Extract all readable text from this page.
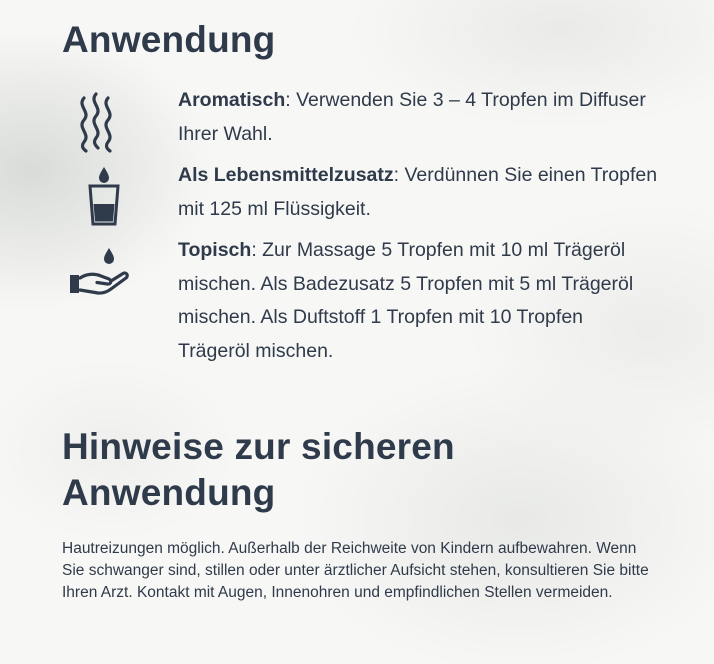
Anwendung
Aromatisch: Verwenden Sie 3 – 4 Tropfen im Diffuser Ihrer Wahl.
Als Lebensmittelzusatz: Verdünnen Sie einen Tropfen mit 125 ml Flüssigkeit.
Topisch: Zur Massage 5 Tropfen mit 10 ml Trägeröl mischen. Als Badezusatz 5 Tropfen mit 5 ml Trägeröl mischen. Als Duftstoff 1 Tropfen mit 10 Tropfen Trägeröl mischen.
Hinweise zur sicheren Anwendung

Hautreizungen möglich. Außerhalb der Reichweite von Kindern aufbewahren. Wenn Sie schwanger sind, stillen oder unter ärztlicher Aufsicht stehen, konsultieren Sie bitte Ihren Arzt. Kontakt mit Augen, Innenohren und empfindlichen Stellen vermeiden.
